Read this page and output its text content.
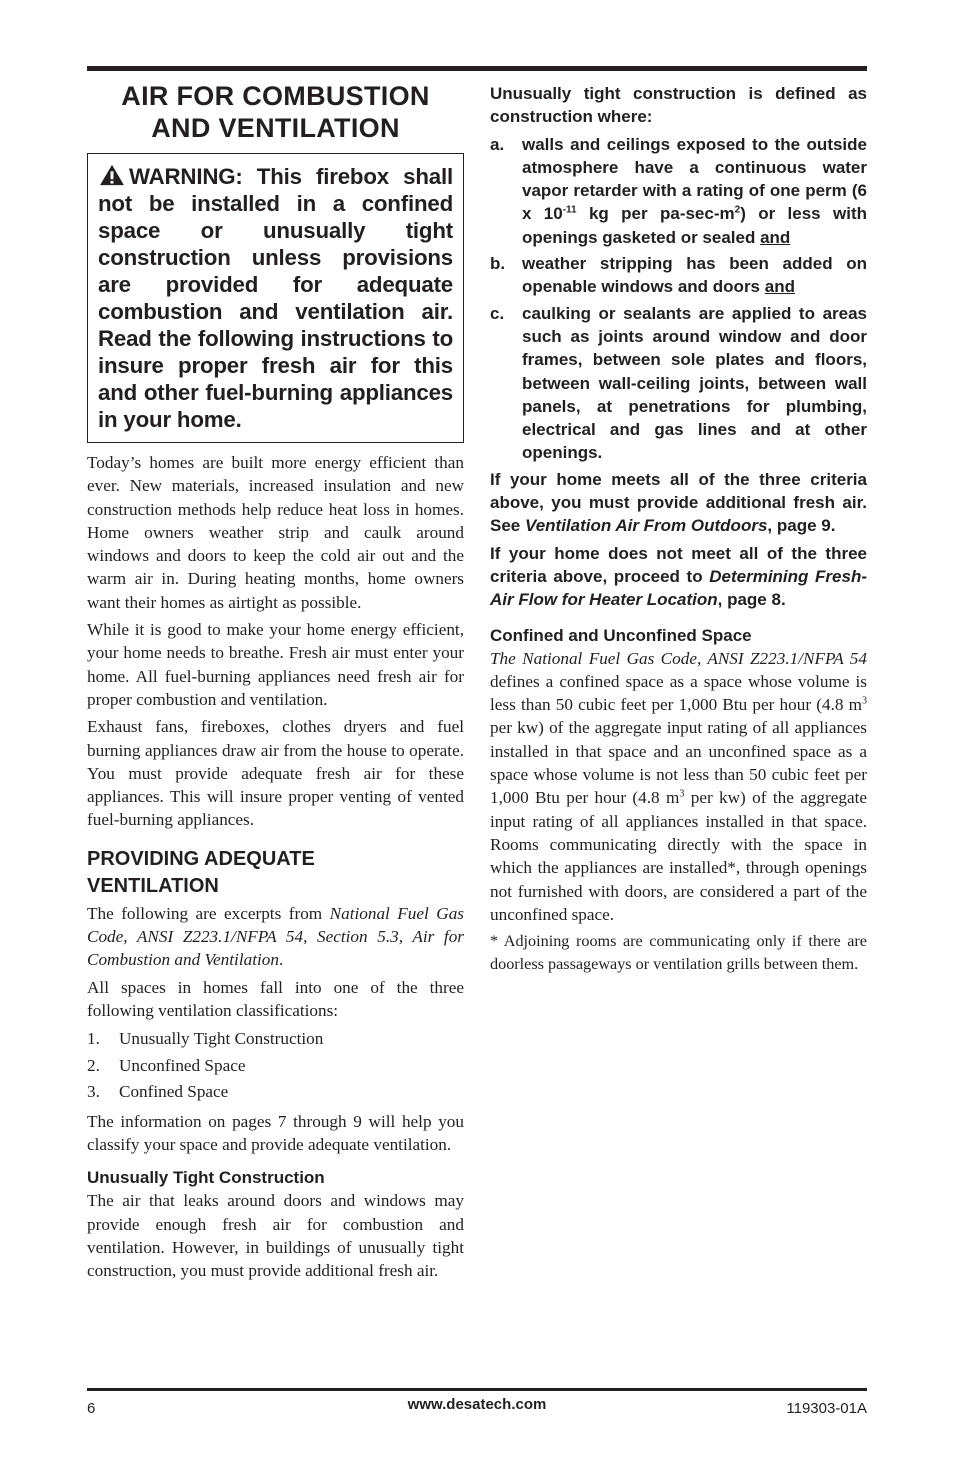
AIR FOR COMBUSTION
AND VENTILATION
WARNING: This firebox shall not be installed in a confined space or unusually tight construction unless provisions are provided for adequate combustion and ventilation air. Read the following instructions to insure proper fresh air for this and other fuel-burning appliances in your home.

Today’s homes are built more energy efficient than ever. New materials, increased insulation and new construction methods help reduce heat loss in homes. Home owners weather strip and caulk around windows and doors to keep the cold air out and the warm air in. During heating months, home owners want their homes as airtight as possible.

While it is good to make your home energy efficient, your home needs to breathe. Fresh air must enter your home. All fuel-burning appliances need fresh air for proper combustion and ventilation.

Exhaust fans, fireboxes, clothes dryers and fuel burning appliances draw air from the house to operate. You must provide adequate fresh air for these appliances. This will insure proper venting of vented fuel-burning appliances.

PROVIDING ADEQUATE
VENTILATION

The following are excerpts from National Fuel Gas Code, ANSI Z223.1/NFPA 54, Section 5.3, Air for Combustion and Ventilation.

All spaces in homes fall into one of the three following ventilation classifications:

1.	Unusually Tight Construction
2.	Unconfined Space
3.	Confined Space

The information on pages 7 through 9 will help you classify your space and provide adequate ventilation.

Unusually Tight Construction

The air that leaks around doors and windows may provide enough fresh air for combustion and ventilation. However, in buildings of unusually tight construction, you must provide additional fresh air.

Unusually tight construction is defined as construction where:

a.	walls and ceilings exposed to the outside atmosphere have a continuous water vapor retarder with a rating of one perm (6 x $10^{-11}$ kg per $pa-\sec-m^2$) or less with openings gasketed or sealed and
b. weather stripping has been added on openable windows and doors and
c.	caulking or sealants are applied to areas such as joints around window and door frames, between sole plates and floors, between wall-ceiling joints, between wall panels, at penetrations for plumbing, electrical and gas lines and at other openings.

If your home meets all of the three criteria above, you must provide additional fresh air. See Ventilation Air From Outdoors, page 9.

If your home does not meet all of the three criteria above, proceed to Determining Fresh-Air Flow for Heater Location, page 8.

Confined and Unconfined Space

The National Fuel Gas Code, ANSI Z223.1/NFPA 54 defines a confined space as a space whose volume is less than 50 cubic feet per 1,000 Btu per hour (4.8 $m^3$ per kw) of the aggregate input rating of all appliances installed in that space and an unconfined space as a space whose volume is not less than 50 cubic feet per 1,000 Btu per hour (4.8 $m^3$ per kw) of the aggregate input rating of all appliances installed in that space. Rooms communicating directly with the space in which the appliances are installed*, through openings not furnished with doors, are considered a part of the unconfined space.

* Adjoining rooms are communicating only if there are doorless passageways or ventilation grills between them.

6	www.desatech.com	119303-01A
